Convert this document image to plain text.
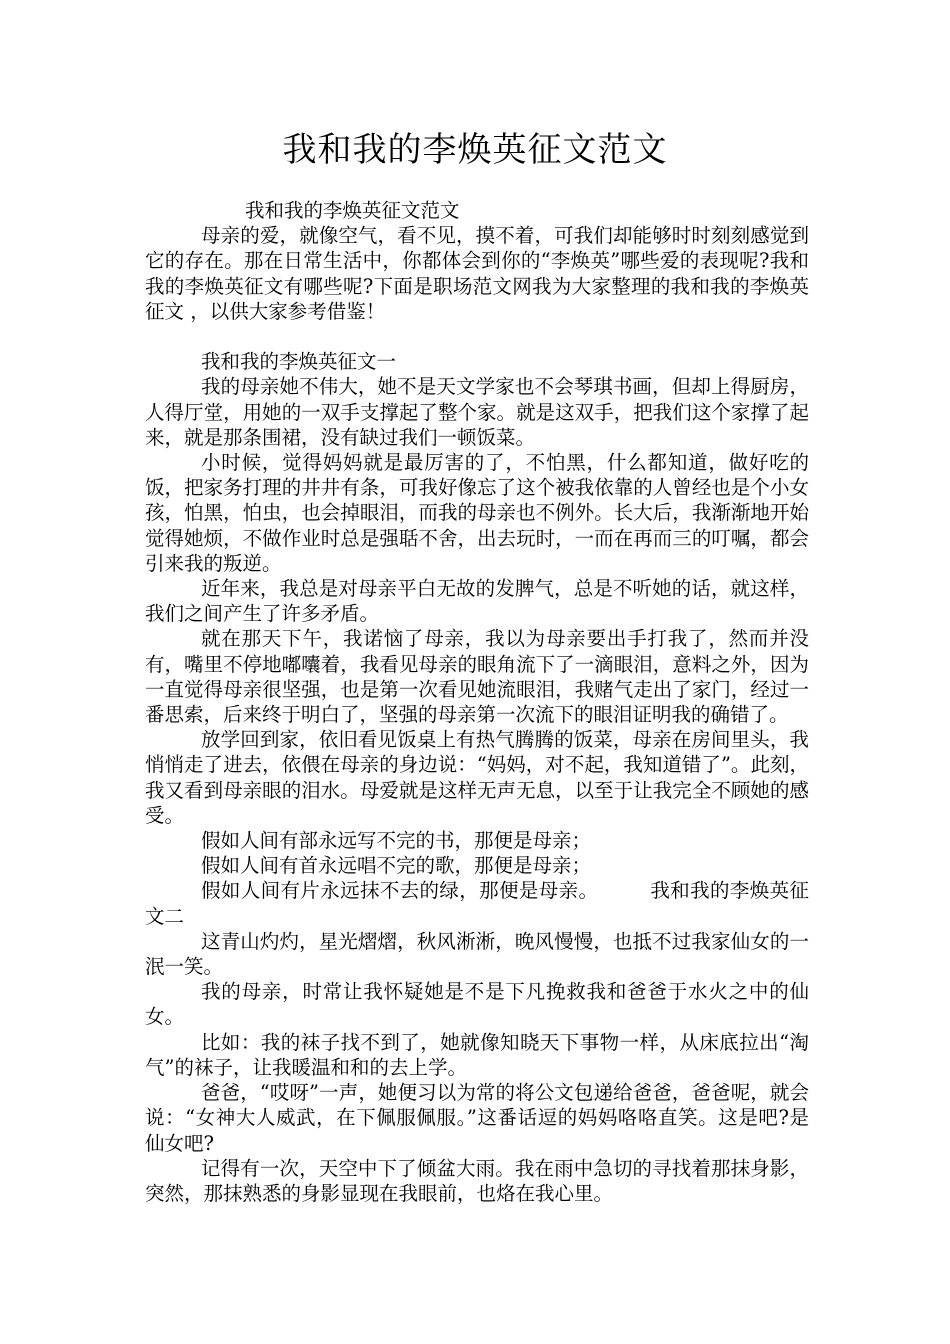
我和我的李焕英征文范文

我和我的李焕英征文范文

母亲的爱，就像空气，看不见，摸不着，可我们却能够时时刻刻感觉到它的存在。那在日常生活中，你都体会到你的“李焕英”哪些爱的表现呢?我和我的李焕英征文有哪些呢?下面是职场范文网我为大家整理的我和我的李焕英征文 ，以供大家参考借鉴！

我和我的李焕英征文一

我的母亲她不伟大，她不是天文学家也不会琴琪书画，但却上得厨房，人得厅堂，用她的一双手支撑起了整个家。就是这双手，把我们这个家撑了起来，就是那条围裙，没有缺过我们一顿饭菜。

小时候，觉得妈妈就是最厉害的了，不怕黑，什么都知道，做好吃的饭，把家务打理的井井有条，可我好像忘了这个被我依靠的人曾经也是个小女孩，怕黑，怕虫，也会掉眼泪，而我的母亲也不例外。长大后，我渐渐地开始觉得她烦，不做作业时总是强聒不舍，出去玩时，一而在再而三的叮嘱，都会引来我的叛逆。

近年来，我总是对母亲平白无故的发脾气，总是不听她的话，就这样，我们之间产生了许多矛盾。

就在那天下午，我诺恼了母亲，我以为母亲要出手打我了，然而并没有，嘴里不停地嘟囔着，我看见母亲的眼角流下了一滴眼泪，意料之外，因为一直觉得母亲很坚强，也是第一次看见她流眼泪，我赌气走出了家门，经过一番思索，后来终于明白了，坚强的母亲第一次流下的眼泪证明我的确错了。

放学回到家，依旧看见饭桌上有热气腾腾的饭菜，母亲在房间里头，我悄悄走了进去，依偎在母亲的身边说：“妈妈，对不起，我知道错了”。此刻，我又看到母亲眼的泪水。母爱就是这样无声无息，以至于让我完全不顾她的感受。

假如人间有部永远写不完的书，那便是母亲；

假如人间有首永远唱不完的歌，那便是母亲；

假如人间有片永远抹不去的绿，那便是母亲。	我和我的李焕英征文二

这青山灼灼，星光熠熠，秋风淅淅，晚风慢慢，也抵不过我家仙女的一泯一笑。

我的母亲，时常让我怀疑她是不是下凡挽救我和爸爸于水火之中的仙女。

比如：我的袜子找不到了，她就像知晓天下事物一样，从床底拉出“淘气”的袜子，让我暖温和和的去上学。

爸爸，“哎呀”一声，她便习以为常的将公文包递给爸爸，爸爸呢，就会说：“女神大人威武，在下佩服佩服。”这番话逗的妈妈咯咯直笑。这是吧?是仙女吧?

记得有一次，天空中下了倾盆大雨。我在雨中急切的寻找着那抹身影，突然，那抹熟悉的身影显现在我眼前，也烙在我心里。
